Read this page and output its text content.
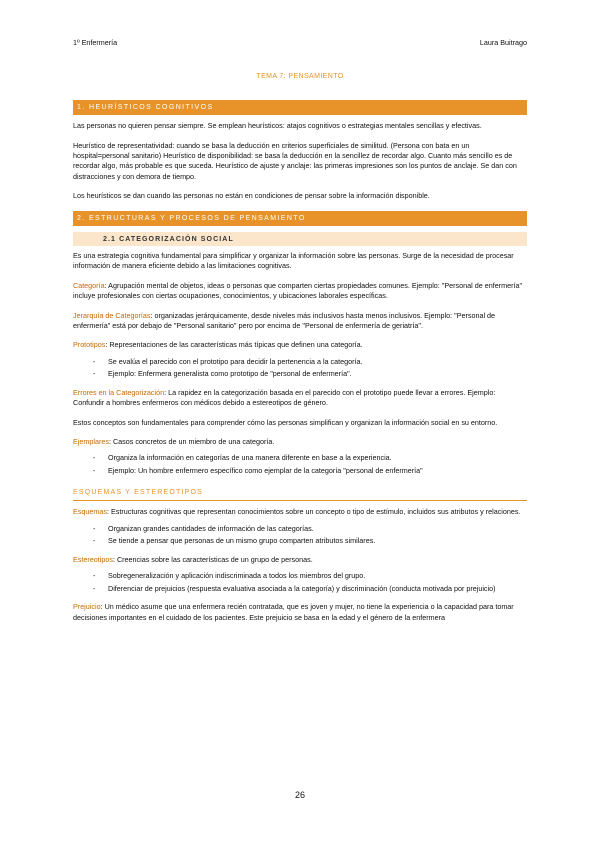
1º Enfermería	Laura Buitrago
TEMA 7: PENSAMIENTO
1. HEURÍSTICOS COGNITIVOS

Las personas no quieren pensar siempre. Se emplean heurísticos: atajos cognitivos o estrategias mentales sencillas y efectivas.

Heurístico de representatividad: cuando se basa la deducción en criterios superficiales de similitud. (Persona con bata en un hospital=personal sanitario) Heurístico de disponibilidad: se basa la deducción en la sencillez de recordar algo. Cuanto más sencillo es de recordar algo, más probable es que suceda. Heurístico de ajuste y anclaje: las primeras impresiones son los puntos de anclaje. Se dan con distracciones y con demora de tiempo.

Los heurísticos se dan cuando las personas no están en condiciones de pensar sobre la información disponible.

2. ESTRUCTURAS Y PROCESOS DE PENSAMIENTO
2.1 CATEGORIZACIÓN SOCIAL

Es una estrategia cognitiva fundamental para simplificar y organizar la información sobre las personas. Surge de la necesidad de procesar información de manera eficiente debido a las limitaciones cognitivas.

Categoría: Agrupación mental de objetos, ideas o personas que comparten ciertas propiedades comunes. Ejemplo: "Personal de enfermería" incluye profesionales con ciertas ocupaciones, conocimientos, y ubicaciones laborales específicas.

Jerarquía de Categorías: organizadas jerárquicamente, desde niveles más inclusivos hasta menos inclusivos. Ejemplo: "Personal de enfermería" está por debajo de "Personal sanitario" pero por encima de "Personal de enfermería de geriatría".

Prototipos: Representaciones de las características más típicas que definen una categoría.

- Se evalúa el parecido con el prototipo para decidir la pertenencia a la categoría.
- Ejemplo: Enfermera generalista como prototipo de "personal de enfermería".

Errores en la Categorización: La rapidez en la categorización basada en el parecido con el prototipo puede llevar a errores. Ejemplo: Confundir a hombres enfermeros con médicos debido a estereotipos de género.

Estos conceptos son fundamentales para comprender cómo las personas simplifican y organizan la información social en su entorno.

Ejemplares: Casos concretos de un miembro de una categoría.

- Organiza la información en categorías de una manera diferente en base a la experiencia.
- Ejemplo: Un hombre enfermero específico como ejemplar de la categoría "personal de enfermería"
ESQUEMAS Y ESTEREOTIPOS

Esquemas: Estructuras cognitivas que representan conocimientos sobre un concepto o tipo de estímulo, incluidos sus atributos y relaciones.

- Organizan grandes cantidades de información de las categorías.
- Se tiende a pensar que personas de un mismo grupo comparten atributos similares.

Estereotipos: Creencias sobre las características de un grupo de personas.

- Sobregeneralización y aplicación indiscriminada a todos los miembros del grupo.
- Diferenciar de prejuicios (respuesta evaluativa asociada a la categoría) y discriminación (conducta motivada por prejuicio)

Prejuicio: Un médico asume que una enfermera recién contratada, que es joven y mujer, no tiene la experiencia o la capacidad para tomar decisiones importantes en el cuidado de los pacientes. Este prejuicio se basa en la edad y el género de la enfermera

26
